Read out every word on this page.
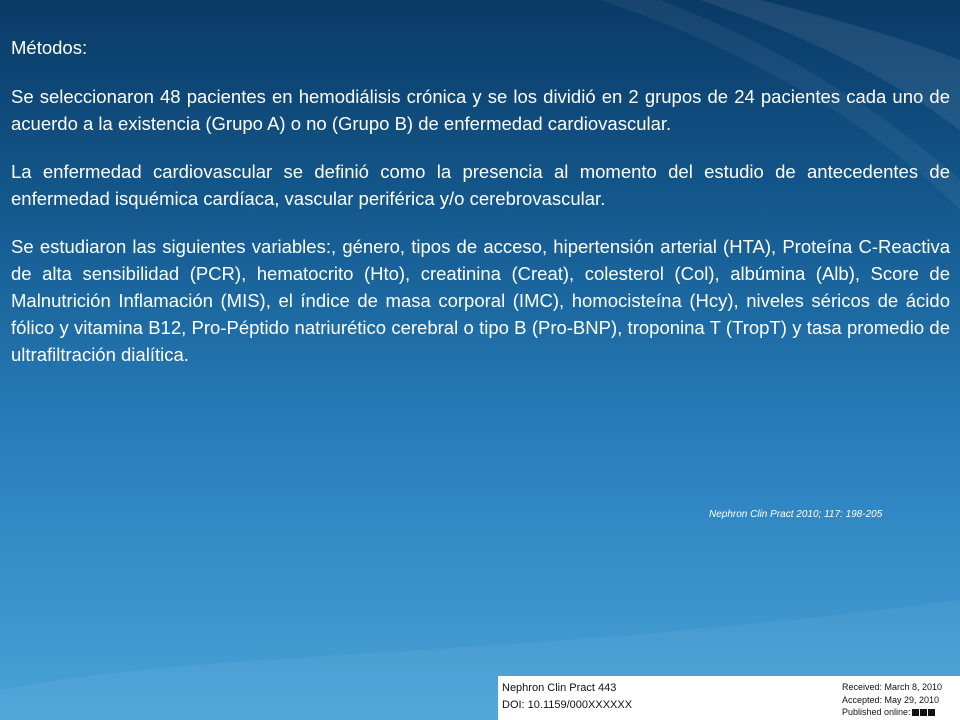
Métodos:

Se seleccionaron 48 pacientes en hemodiálisis crónica y se los dividió en 2 grupos de 24 pacientes cada uno de acuerdo a la existencia (Grupo A) o no (Grupo B) de enfermedad cardiovascular.

La enfermedad cardiovascular se definió como la presencia al momento del estudio de antecedentes de enfermedad isquémica cardíaca, vascular periférica y/o cerebrovascular.

Se estudiaron las siguientes variables:, género, tipos de acceso, hipertensión arterial (HTA), Proteína C-Reactiva de alta sensibilidad (PCR), hematocrito (Hto), creatinina (Creat), colesterol (Col), albúmina (Alb), Score de Malnutrición Inflamación (MIS), el índice de masa corporal (IMC), homocisteína (Hcy), niveles séricos de ácido fólico y vitamina B12, Pro-Péptido natriurético cerebral o tipo B (Pro-BNP), troponina T (TropT) y tasa promedio de ultrafiltración dialítica.

Nephron Clin Pract 2010; 117: 198-205
Nephron Clin Pract 443
DOI: 10.1159/000XXXXXX
Received: March 8, 2010
Accepted: May 29, 2010
Published online:
